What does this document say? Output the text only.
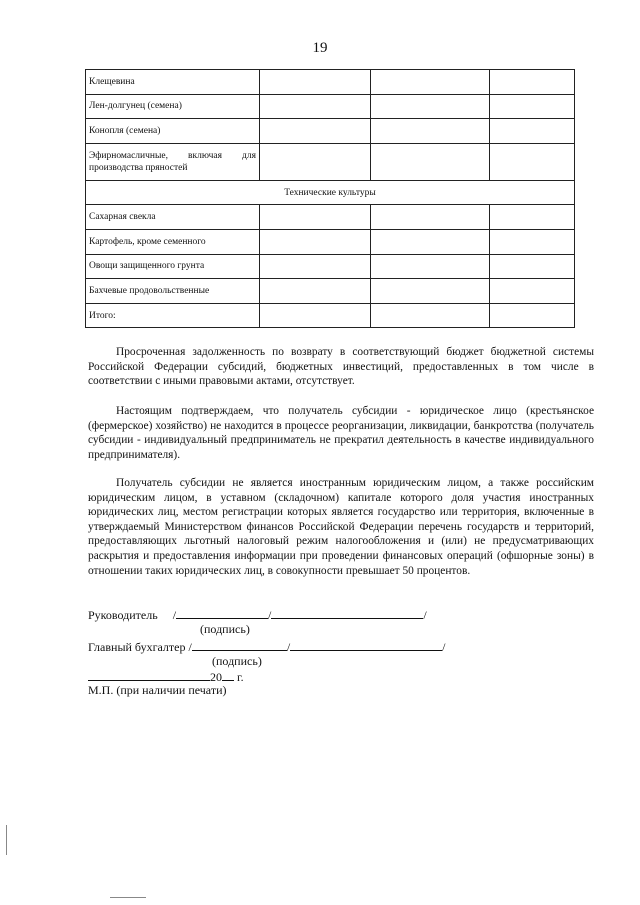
19
Клещевина			
Лен-долгунец (семена)			
Конопля (семена)			
Эфирномасличные, включая для производства пряностей			
Технические культуры			
Сахарная свекла			
Картофель, кроме семенного			
Овощи защищенного грунта			
Бахчевые продовольственные			
Итого:			

Просроченная задолженность по возврату в соответствующий бюджет бюджетной системы Российской Федерации субсидий, бюджетных инвестиций, предоставленных в том числе в соответствии с иными правовыми актами, отсутствует.

Настоящим подтверждаем, что получатель субсидии - юридическое лицо (крестьянское (фермерское) хозяйство) не находится в процессе реорганизации, ликвидации, банкротства (получатель субсидии - индивидуальный предприниматель не прекратил деятельность в качестве индивидуального предпринимателя).

Получатель субсидии не является иностранным юридическим лицом, а также российским юридическим лицом, в уставном (складочном) капитале которого доля участия иностранных юридических лиц, местом регистрации которых является государство или территория, включенные в утверждаемый Министерством финансов Российской Федерации перечень государств и территорий, предоставляющих льготный налоговый режим налогообложения и (или) не предусматривающих раскрытия и предоставления информации при проведении финансовых операций (офшорные зоны) в отношении таких юридических лиц, в совокупности превышает 50 процентов.

Руководитель /	/	/
(подпись)
Главный бухгалтер /	/	/
(подпись)
20 г.
М.П. (при наличии печати)
